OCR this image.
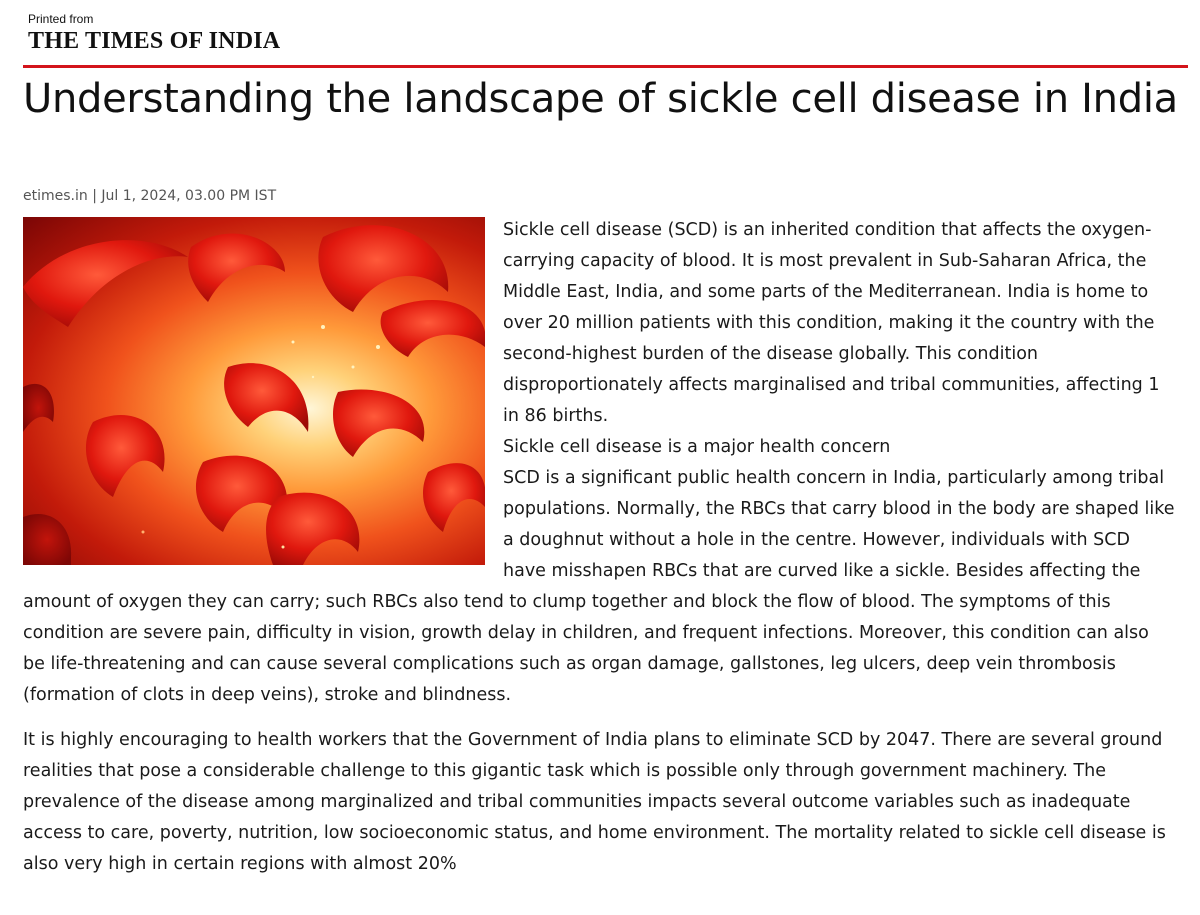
Printed from
THE TIMES OF INDIA
Understanding the landscape of sickle cell disease in India
etimes.in | Jul 1, 2024, 03.00 PM IST

Sickle cell disease (SCD) is an inherited condition that affects the oxygen-carrying capacity of blood. It is most prevalent in Sub-Saharan Africa, the Middle East, India, and some parts of the Mediterranean. India is home to over 20 million patients with this condition, making it the country with the second-highest burden of the disease globally. This condition disproportionately affects marginalised and tribal communities, affecting 1 in 86 births.

Sickle cell disease is a major health concern

SCD is a significant public health concern in India, particularly among tribal populations. Normally, the RBCs that carry blood in the body are shaped like a doughnut without a hole in the centre. However, individuals with SCD have misshapen RBCs that are curved like a sickle. Besides affecting the amount of oxygen they can carry; such RBCs also tend to clump together and block the flow of blood. The symptoms of this condition are severe pain, difficulty in vision, growth delay in children, and frequent infections. Moreover, this condition can also be life-threatening and can cause several complications such as organ damage, gallstones, leg ulcers, deep vein thrombosis (formation of clots in deep veins), stroke and blindness.

It is highly encouraging to health workers that the Government of India plans to eliminate SCD by 2047. There are several ground realities that pose a considerable challenge to this gigantic task which is possible only through government machinery. The prevalence of the disease among marginalized and tribal communities impacts several outcome variables such as inadequate access to care, poverty, nutrition, low socioeconomic status, and home environment. The mortality related to sickle cell disease is also very high in certain regions with almost 20%
